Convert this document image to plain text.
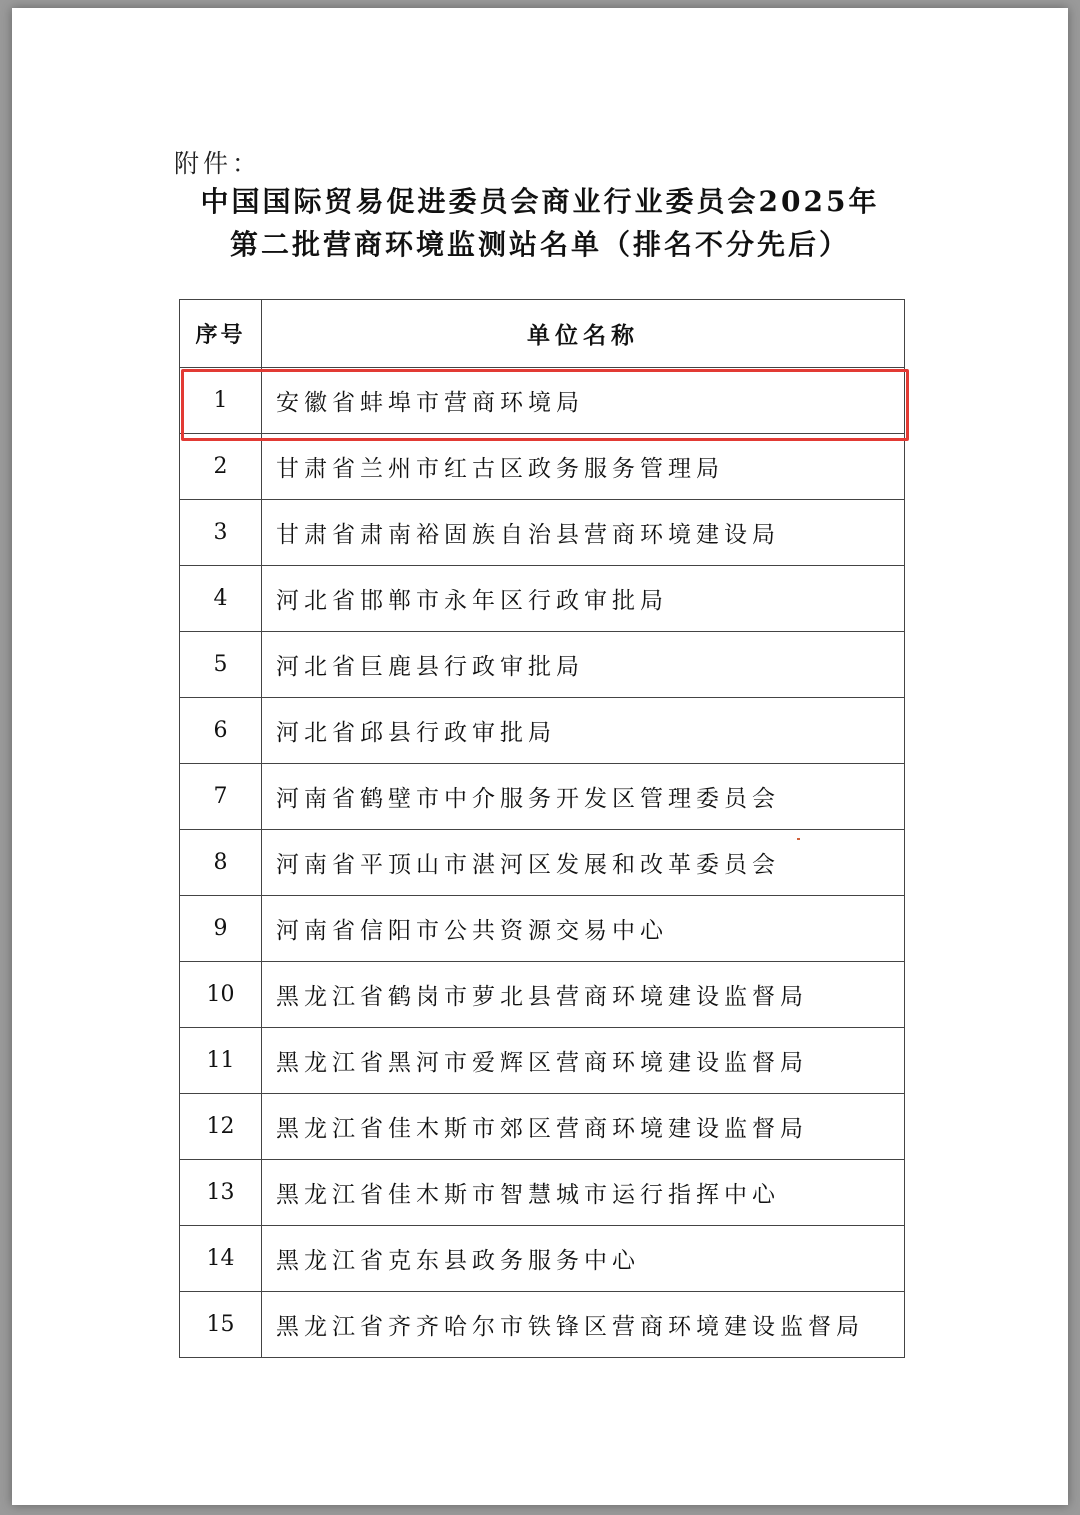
附件：
中国国际贸易促进委员会商业行业委员会2025年
第二批营商环境监测站名单（排名不分先后）
序号	单位名称
1	安徽省蚌埠市营商环境局
2	甘肃省兰州市红古区政务服务管理局
3	甘肃省肃南裕固族自治县营商环境建设局
4	河北省邯郸市永年区行政审批局
5	河北省巨鹿县行政审批局
6	河北省邱县行政审批局
7	河南省鹤壁市中介服务开发区管理委员会
8	河南省平顶山市湛河区发展和改革委员会
9	河南省信阳市公共资源交易中心
10	黑龙江省鹤岗市萝北县营商环境建设监督局
11	黑龙江省黑河市爱辉区营商环境建设监督局
12	黑龙江省佳木斯市郊区营商环境建设监督局
13	黑龙江省佳木斯市智慧城市运行指挥中心
14	黑龙江省克东县政务服务中心
15	黑龙江省齐齐哈尔市铁锋区营商环境建设监督局
